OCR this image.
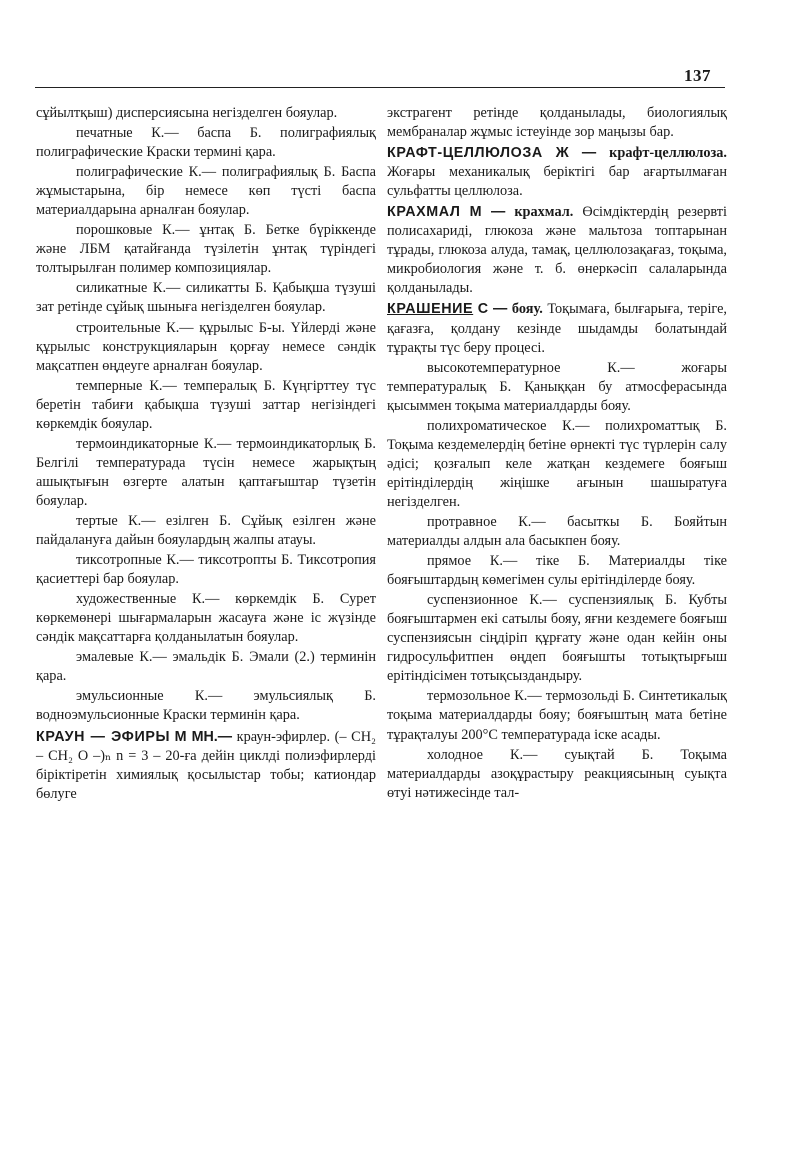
137

сұйылтқыш) дисперсиясына негізделген бояулар.

печатные К.— баспа Б. полиграфиялық полиграфические Краски термині қара.

полиграфические К.— полиграфиялық Б. Баспа жұмыстарына, бір немесе көп түсті баспа материалдарына арналған бояулар.

порошковые К.— ұнтақ Б. Бетке бүріккенде және ЛБМ қатайғанда түзілетін ұнтақ түріндегі толтырылған полимер композициялар.

силикатные К.— силикатты Б. Қабықша түзуші зат ретінде сұйық шыныға негізделген бояулар.

строительные К.— құрылыс Б-ы. Үйлерді және құрылыс конструкцияларын қорғау немесе сәндік мақсатпен өңдеуге арналған бояулар.

темперные К.— темпералық Б. Күңгірттеу түс беретін табиғи қабықша түзуші заттар негізіндегі көркемдік бояулар.

термоиндикаторные К.— термоиндикаторлық Б. Белгілі температурада түсін немесе жарықтың ашықтығын өзгерте алатын қаптағыштар түзетін бояулар.

тертые К.— езілген Б. Сұйық езілген және пайдалануға дайын бояулардың жалпы атауы.

тиксотропные К.— тиксотропты Б. Тиксотропия қасиеттері бар бояулар.

художественные К.— көркемдік Б. Сурет көркемөнері шығармаларын жасауға және іс жүзінде сәндік мақсаттарға қолданылатын бояулар.

эмалевые К.— эмальдік Б. Эмали (2.) терминін қара.

эмульсионные К.— эмульсиялық Б. водноэмульсионные Краски терминін қара.

КРАУН — ЭФИРЫ М МН.— краун-эфирлер. (– CH₂ – CH₂ O –)ₙ n = 3 – 20-ға дейін циклді полиэфирлерді біріктіретін химиялық қосылыстар тобы; катиондар бөлуге

экстрагент ретінде қолданылады, биологиялық мембраналар жұмыс істеуінде зор маңызы бар.

КРАФТ-ЦЕЛЛЮЛОЗА Ж — крафт-целлюлоза. Жоғары механикалық беріктігі бар ағартылмаған сульфатты целлюлоза.

КРАХМАЛ М — крахмал. Өсімдіктердің резервті полисахариді, глюкоза және мальтоза топтарынан тұрады, глюкоза алуда, тамақ, целлюлозақағаз, тоқыма, микробиология және т. б. өнеркәсіп салаларында қолданылады.

КРАШЕНИЕ С — бояу. Тоқымаға, былғарыға, теріге, қағазға, қолдану кезінде шыдамды болатындай тұрақты түс беру процесі.

высокотемпературное К.— жоғары температуралық Б. Қаныққан бу атмосферасында қысыммен тоқыма материалдарды бояу.

полихроматическое К.— полихроматтық Б. Тоқыма кездемелердің бетіне өрнекті түс түрлерін салу әдісі; қозғалып келе жатқан кездемеге бояғыш ерітінділердің жіңішке ағынын шашыратуға негізделген.

протравное К.— басыткы Б. Бояйтын материалды алдын ала басыкпен бояу.

прямое К.— тіке Б. Материалды тіке бояғыштардың көмегімен сулы ерітінділерде бояу.

суспензионное К.— суспензиялық Б. Кубты бояғыштармен екі сатылы бояу, яғни кездемеге бояғыш суспензиясын сіңдіріп құрғату және одан кейін оны гидросульфитпен өңдеп бояғышты тотықтырғыш ерітіндісімен тотықсыздандыру.

термозольное К.— термозольді Б. Синтетикалық тоқыма материалдарды бояу; бояғыштың мата бетіне тұрақталуы 200°С температурада іске асады.

холодное К.— суықтай Б. Тоқыма материалдарды азоқұрастыру реакциясының суықта өтуі нәтижесінде тал-
